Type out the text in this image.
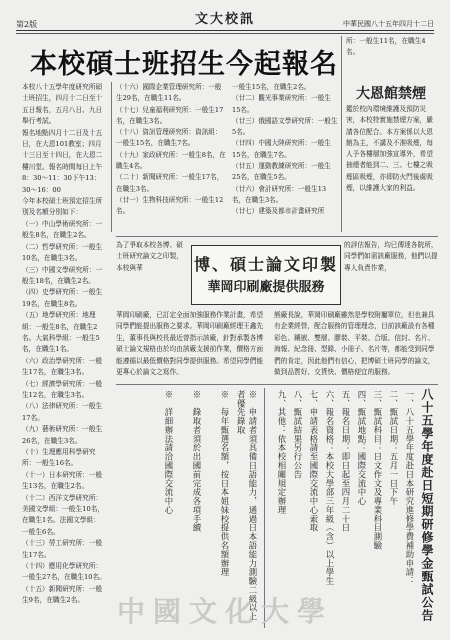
第2版	文大校訊	中華民國八十五年四月十二日
本校碩士班招生今起報名

本校八十五學年度研究所碩士班招生，四月十二日至十五日報名，五月八日、九日舉行考試。

報名地點四月十二日及十五日，在大恩101教室；四月十三日至十四日，在大恩二樓川堂。報名時間每日上午8：30～11：30下午13：30～16：00

今年本校碩士班預定招生所別及名額分別如下：

（一）中山學術研究所：一般生8名，在職生2名。

（二）哲學研究所：一般生10名，在職生3名。

（三）中國文學研究所：一般生18名，在職生2名。

（四）史學研究所：一般生19名，在職生8名。

（五）地學研究所：地理組：一般生8名，在職生2名。大氣科學組：一般生5名，在職生1名。

（六）政治學研究所：一般生17名，在職生3名。

（七）經濟學研究所：一般生12名，在職生3名。

（八）法律研究所：一般生17名。

（九）藝術研究所：一般生26名，在職生3名。

（十）生理應用科學研究所：一般生16名。

（十一）日本研究所：一般生13名，在職生2名。

（十二）西洋文學研究所：美國文學組：一般生10名，在職生1名。法國文學組：一般生6名。

（十三）勞工研究所：一般生17名。

（十四）應用化學研究所：一般生27名，在職生10名。

（十五）新聞研究所：一般生9名，在職生2名。

（十六）國際企業管理研究所：一般生29名，在職生11名。

（十七）兒童福利研究所：一般生17名，在職生3名。

（十八）資訊管理研究所：資訊組：一般生15名，在職生7名。

（十九）家政研究所：一般生8名，在職生4名。

（二十）新聞研究所：一般生17名，在職生3名。

（廿一）生物科技研究所：一般生12名。

一般生15名，在職生2名。

（廿二）觀光事業研究所：一般生15名。

（廿三）俄國語文學研究所：一般生5名。

（廿四）中國大陸研究所：一般生15名，在職生7名。

（廿五）運動教練研究所：一般生25名，在職生5名。

（廿六）會計研究所：一般生13名，在職生3名。

（廿七）建築及都市計畫研究所

所：一般生11名，在職生4名。
大恩館禁煙
鑑於校內環境維護及預防災害，本校特實施禁煙方案，嚴請各位配合。本方案係以大恩館為主，不講及不准吸煙，每人予各樓層加強宣導外，希望抽煙者能到二、三、七樓之吸煙區吸煙，亦即防火門後處吸煙，以維護大家的利益。
為了爭取本校各博、碩士班研究論文之印製，本校與華	博、碩士論文印製
華岡印刷廠提供服務
的評估報告，均已傳達各院所，同學們如需該廠服務，他們以提專人負責作業，
華岡印刷廠，已訂定全面加強服務作業計畫，希望同學們能提出服務之要求。華岡印刷廠經理王鑫先生，董事長與校長最近曾指示該廠，針對承製各博碩士論文規格由於均由該廠支援前作業，價格方面能遵循以最低價格對同學提供服務。希望同學們能更專心於論文之寫作。
熊廠長說，華岡印刷廠雖然是學校附屬單位，但也兼具有企業經營，配合服務的管理理念，目前該廠設有各種彩色、鑲嵌、雙層、膠裝、平裝、合版、信封、名片、海報、紀念冊、型錄、小冊子、名片等，都能受到同學們的肯定，因此他們有信心，把博碩士班同學的論文，做到品質好、交貨快、價格便宜的服務。
八十五學年度赴日短期研修學金甄試公告
一、八十五學年度赴日本研究進修學費補助申請：
二、甄試日期：五月一日下午
三、甄試科目：日文作文及專業科目測驗
四、甄試地點：國際交流中心
五、報名日期：即日起至四月二十日
六、報名資格：本校大學部三年級（含）以上學生
七、申請表格請至國際交流中心索取
八、甄試結果另行公告
九、其他：依本校相關規定辦理
※　申請者須具備日語能力，通過日本語能力測驗二級以上者優先錄取
※　每年甄選名額，按日本姐妹校提供名額辦理
※　錄取者須於出國前完成各項手續
※　詳細辦法請洽國際交流中心
中國文化大學
